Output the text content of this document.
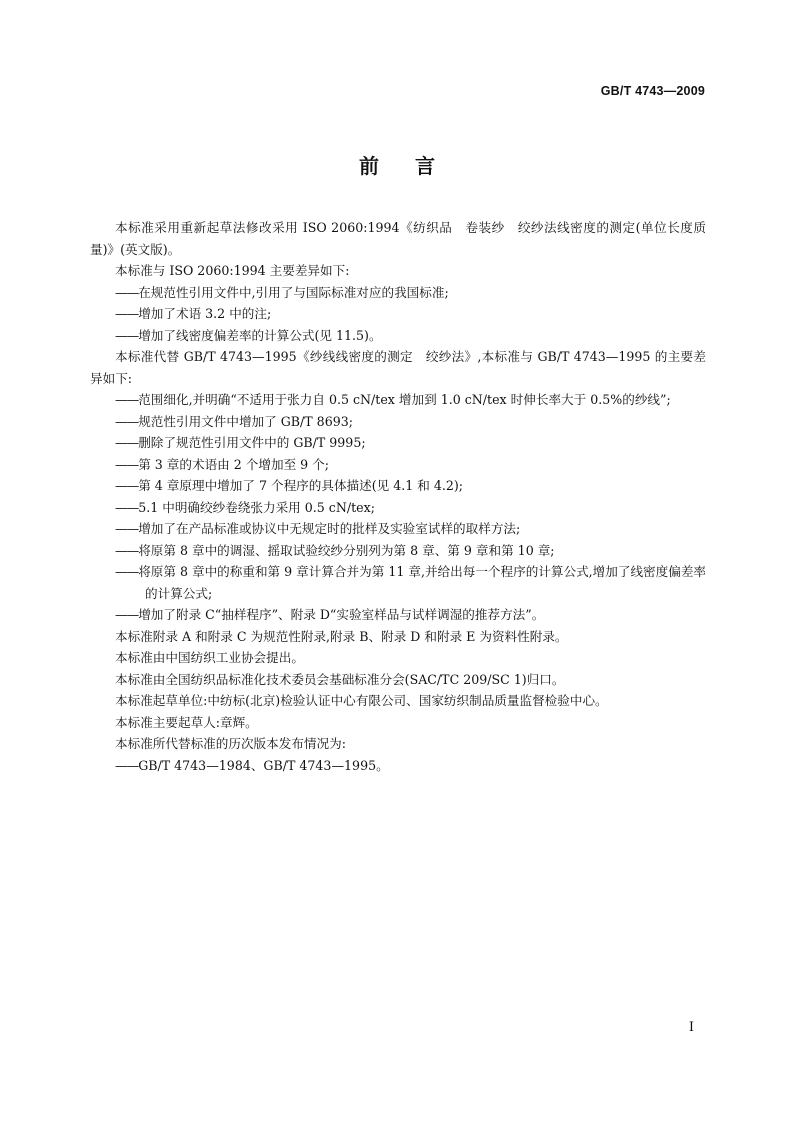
GB/T 4743—2009
前言

本标准采用重新起草法修改采用 ISO 2060:1994《纺织品　卷装纱　绞纱法线密度的测定(单位长度质量)》(英文版)。

本标准与 ISO 2060:1994 主要差异如下:

——在规范性引用文件中,引用了与国际标准对应的我国标准;

——增加了术语 3.2 中的注;

——增加了线密度偏差率的计算公式(见 11.5)。

本标准代替 GB/T 4743—1995《纱线线密度的测定　绞纱法》,本标准与 GB/T 4743—1995 的主要差异如下:

——范围细化,并明确“不适用于张力自 0.5 cN/tex 增加到 1.0 cN/tex 时伸长率大于 0.5%的纱线”;

——规范性引用文件中增加了 GB/T 8693;

——删除了规范性引用文件中的 GB/T 9995;

——第 3 章的术语由 2 个增加至 9 个;

——第 4 章原理中增加了 7 个程序的具体描述(见 4.1 和 4.2);

——5.1 中明确绞纱卷绕张力采用 0.5 cN/tex;

——增加了在产品标准或协议中无规定时的批样及实验室试样的取样方法;

——将原第 8 章中的调湿、摇取试验绞纱分别列为第 8 章、第 9 章和第 10 章;

——将原第 8 章中的称重和第 9 章计算合并为第 11 章,并给出每一个程序的计算公式,增加了线密度偏差率的计算公式;

——增加了附录 C“抽样程序”、附录 D“实验室样品与试样调湿的推荐方法”。

本标准附录 A 和附录 C 为规范性附录,附录 B、附录 D 和附录 E 为资料性附录。

本标准由中国纺织工业协会提出。

本标准由全国纺织品标准化技术委员会基础标准分会(SAC/TC 209/SC 1)归口。

本标准起草单位:中纺标(北京)检验认证中心有限公司、国家纺织制品质量监督检验中心。

本标准主要起草人:章辉。

本标准所代替标准的历次版本发布情况为:

——GB/T 4743—1984、GB/T 4743—1995。

I
